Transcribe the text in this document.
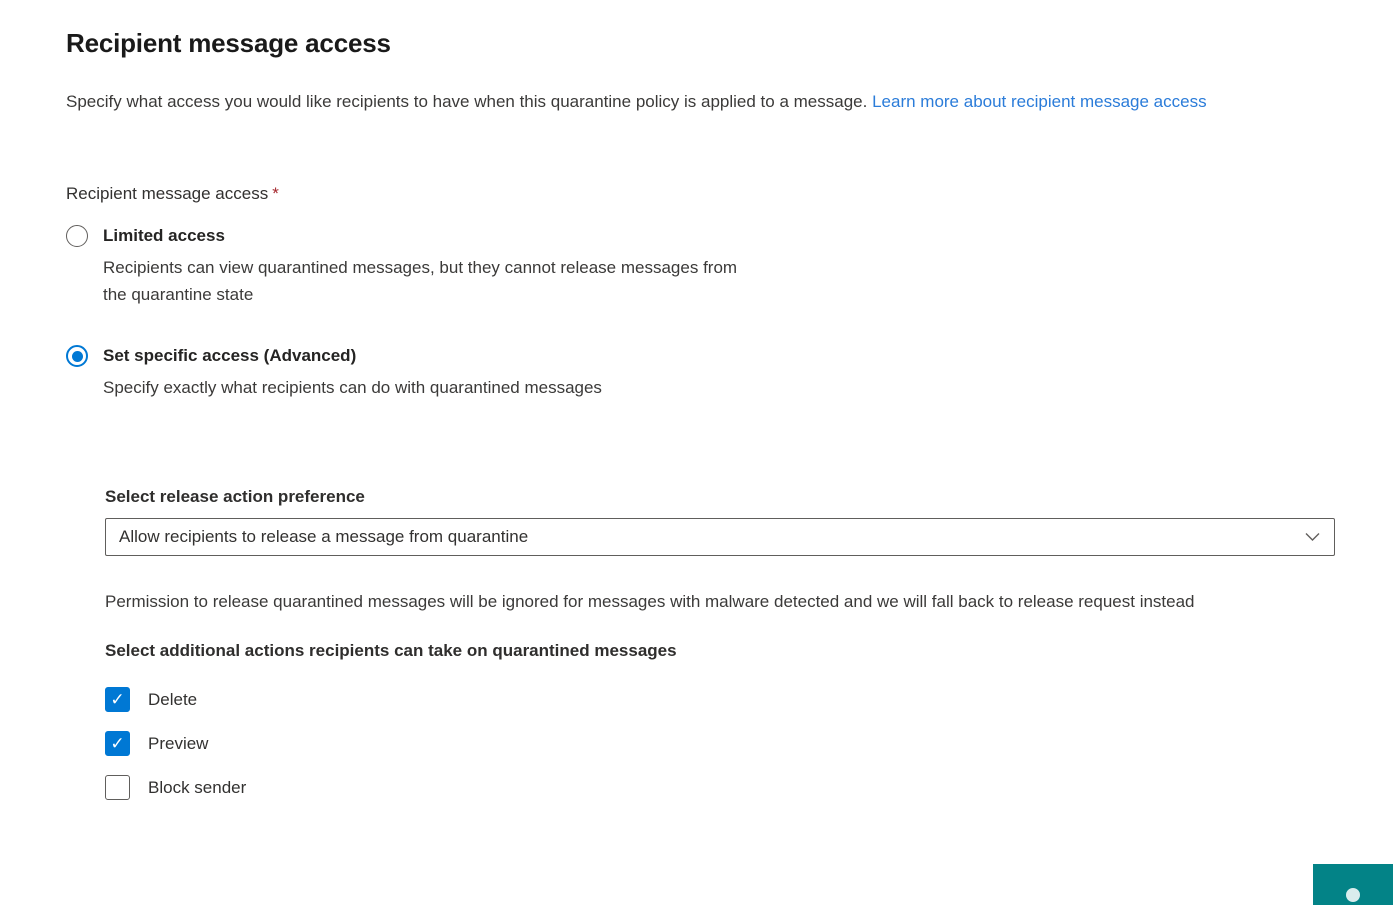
Recipient message access

Specify what access you would like recipients to have when this quarantine policy is applied to a message. Learn more about recipient message access

Recipient message access *
Limited access
Recipients can view quarantined messages, but they cannot release messages from the quarantine state
Set specific access (Advanced)
Specify exactly what recipients can do with quarantined messages
Select release action preference
Allow recipients to release a message from quarantine

Permission to release quarantined messages will be ignored for messages with malware detected and we will fall back to release request instead

Select additional actions recipients can take on quarantined messages
✓ Delete
✓ Preview
Block sender
